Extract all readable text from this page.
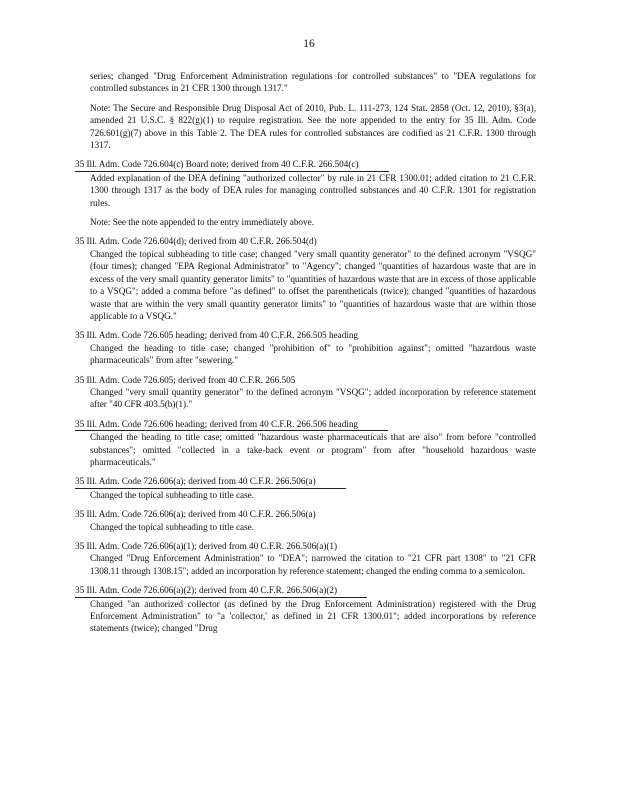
16

series; changed "Drug Enforcement Administration regulations for controlled substances" to "DEA regulations for controlled substances in 21 CFR 1300 through 1317."

Note: The Secure and Responsible Drug Disposal Act of 2010, Pub. L. 111-273, 124 Stat. 2858 (Oct. 12, 2010), §3(a), amended 21 U.S.C. § 822(g)(1) to require registration. See the note appended to the entry for 35 Ill. Adm. Code 726.601(g)(7) above in this Table 2. The DEA rules for controlled substances are codified as 21 C.F.R. 1300 through 1317.

35 Ill. Adm. Code 726.604(c) Board note; derived from 40 C.F.R. 266.504(c)
Added explanation of the DEA defining "authorized collector" by rule in 21 CFR 1300.01; added citation to 21 C.F.R. 1300 through 1317 as the body of DEA rules for managing controlled substances and 40 C.F.R. 1301 for registration rules.
Note: See the note appended to the entry immediately above.
35 Ill. Adm. Code 726.604(d); derived from 40 C.F.R. 266.504(d)
Changed the topical subheading to title case; changed "very small quantity generator" to the defined acronym "VSQG" (four times); changed "EPA Regional Administrator" to "Agency"; changed "quantities of hazardous waste that are in excess of the very small quantity generator limits" to "quantities of hazardous waste that are in excess of those applicable to a VSQG"; added a comma before "as defined" to offset the parentheticals (twice); changed "quantities of hazardous waste that are within the very small quantity generator limits" to "quantities of hazardous waste that are within those applicable to a VSQG."
35 Ill. Adm. Code 726.605 heading; derived from 40 C.F.R. 266.505 heading
Changed the heading to title case; changed "prohibition of" to "prohibition against"; omitted "hazardous waste pharmaceuticals" from after "sewering."
35 Ill. Adm. Code 726.605; derived from 40 C.F.R. 266.505
Changed "very small quantity generator" to the defined acronym "VSQG"; added incorporation by reference statement after "40 CFR 403.5(b)(1)."
35 Ill. Adm. Code 726.606 heading; derived from 40 C.F.R. 266.506 heading
Changed the heading to title case; omitted "hazardous waste pharmaceuticals that are also" from before "controlled substances"; omitted "collected in a take-back event or program" from after "household hazardous waste pharmaceuticals."
35 Ill. Adm. Code 726.606(a); derived from 40 C.F.R. 266.506(a)
Changed the topical subheading to title case.
35 Ill. Adm. Code 726.606(a); derived from 40 C.F.R. 266.506(a)
Changed the topical subheading to title case.
35 Ill. Adm. Code 726.606(a)(1); derived from 40 C.F.R. 266.506(a)(1)
Changed "Drug Enforcement Administration" to "DEA"; narrowed the citation to "21 CFR part 1308" to "21 CFR 1308.11 through 1308.15"; added an incorporation by reference statement; changed the ending comma to a semicolon.
35 Ill. Adm. Code 726.606(a)(2); derived from 40 C.F.R. 266.506(a)(2)
Changed "an authorized collector (as defined by the Drug Enforcement Administration) registered with the Drug Enforcement Administration" to "a 'collector,' as defined in 21 CFR 1300.01"; added incorporations by reference statements (twice); changed "Drug
